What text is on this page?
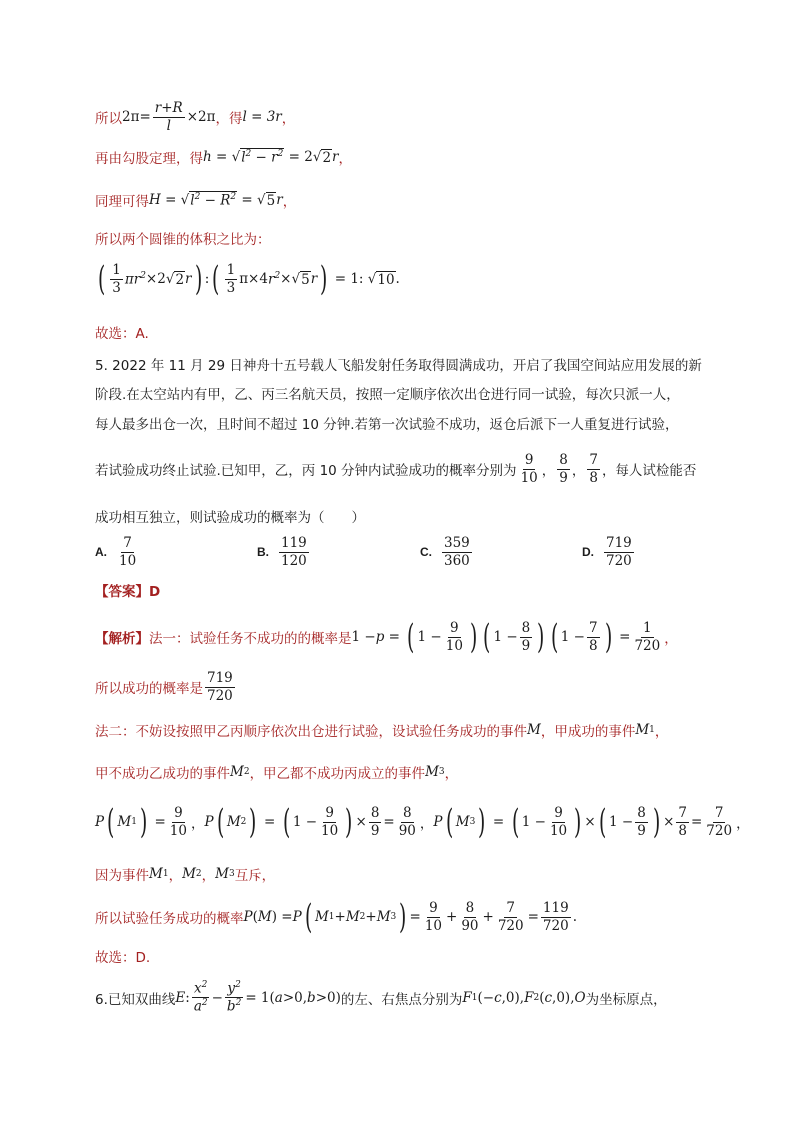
所以 $2\pi= \frac{r+R}{l} \times 2\pi$ ， 得 l = 3r ，
再由勾股定理，得 h = √ $l^2 - r^2 = 2√$ 2 r ，
同理可得 H = √ $l^2 - R^2$ = √ 5 r ，
所以两个圆锥的体积之比为：
( $\frac{1}{3} \pi r^2 \times 2√$ 2 r ) : ( $\frac{1}{3} \pi\times 4$ $r^2$ ×√ 5 r ) = 1: √ 10 .
故选：A.
5. 2022 年 11 月 29 日神舟十五号载人飞船发射任务取得圆满成功，开启了我国空间站应用发展的新
阶段.在太空站内有甲，乙、丙三名航天员，按照一定顺序依次出仓进行同一试验，每次只派一人，
每人最多出仓一次，且时间不超过 10 分钟.若第一次试验不成功，返仓后派下一人重复进行试验，
若试验成功终止试验.已知甲，乙，丙 10 分钟内试验成功的概率分别为 $\frac{9}{10}$ ， $\frac{8}{9}$ ， $\frac{7}{8}$ ，每人试检能否
成功相互独立，则试验成功的概率为（　　）
A. $\frac{7}{10}$	B. $\frac{119}{120}$	C. $\frac{359}{360}$	D. $\frac{719}{720}$
【答案】D
【解析】 法一：试验任务不成功的的概率是 1 − p = ( $1 - \frac{9}{10}$ ) ( $1 - \frac{8}{9}$ ) ( $1 - \frac{7}{8}$ ) = $\frac{1}{720}$ ，
所以成功的概率是 $\frac{719}{720}$
法二：不妨设按照甲乙丙顺序依次出仓进行试验，设试验任务成功的事件 M ，甲成功的事件 M 1 ，
甲不成功乙成功的事件 M 2 ，甲乙都不成功丙成立的事件 M 3 ，
P ( M 1 ) = $\frac{9}{10}$ ， P ( M 2 ) = ( $1 - \frac{9}{10}$ ) × $\frac{8}{9} = \frac{8}{90}$ ， P ( M 3 ) = ( $1 - \frac{9}{10}$ ) × ( $1 - \frac{8}{9}$ ) × $\frac{7}{8} = \frac{7}{720}$ ，
因为事件 M 1 ， M 2 ， M 3 互斥，
所以试验任务成功的概率 P ( M ) = P ( M 1 + M 2 + M 3 ) = $\frac{9}{10} + \frac{8}{90} + \frac{7}{720} = \frac{119}{720}$ .
故选：D.
6.已知双曲线 E : $\frac{x^2}{a^2} - \frac{y^2}{b^2} = 1$( a >0, b >0) 的左、右焦点分别为 F 1 (− c ,0), F 2 ( c ,0), O 为坐标原点，
